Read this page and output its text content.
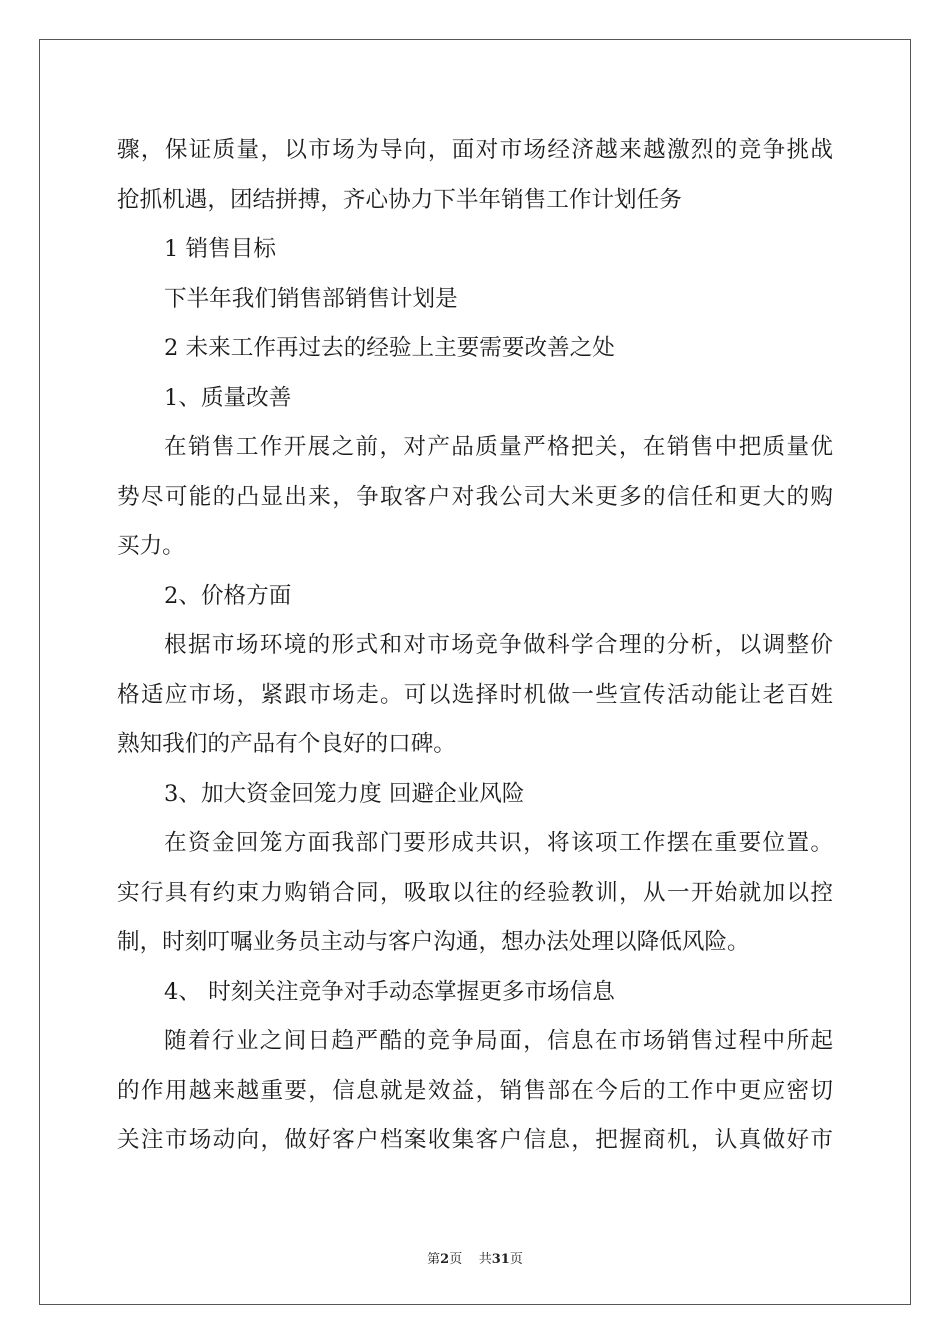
骤，保证质量，以市场为导向，面对市场经济越来越激烈的竞争挑战
抢抓机遇，团结拼搏，齐心协力下半年销售工作计划任务
1 销售目标
下半年我们销售部销售计划是
2 未来工作再过去的经验上主要需要改善之处
1、质量改善
在销售工作开展之前，对产品质量严格把关，在销售中把质量优
势尽可能的凸显出来，争取客户对我公司大米更多的信任和更大的购
买力。
2、价格方面
根据市场环境的形式和对市场竞争做科学合理的分析，以调整价
格适应市场，紧跟市场走。可以选择时机做一些宣传活动能让老百姓
熟知我们的产品有个良好的口碑。
3、加大资金回笼力度 回避企业风险
在资金回笼方面我部门要形成共识，将该项工作摆在重要位置。
实行具有约束力购销合同，吸取以往的经验教训，从一开始就加以控
制，时刻叮嘱业务员主动与客户沟通，想办法处理以降低风险。
4、 时刻关注竞争对手动态掌握更多市场信息
随着行业之间日趋严酷的竞争局面，信息在市场销售过程中所起
的作用越来越重要，信息就是效益，销售部在今后的工作中更应密切
关注市场动向，做好客户档案收集客户信息，把握商机，认真做好市
第2页 共31页
